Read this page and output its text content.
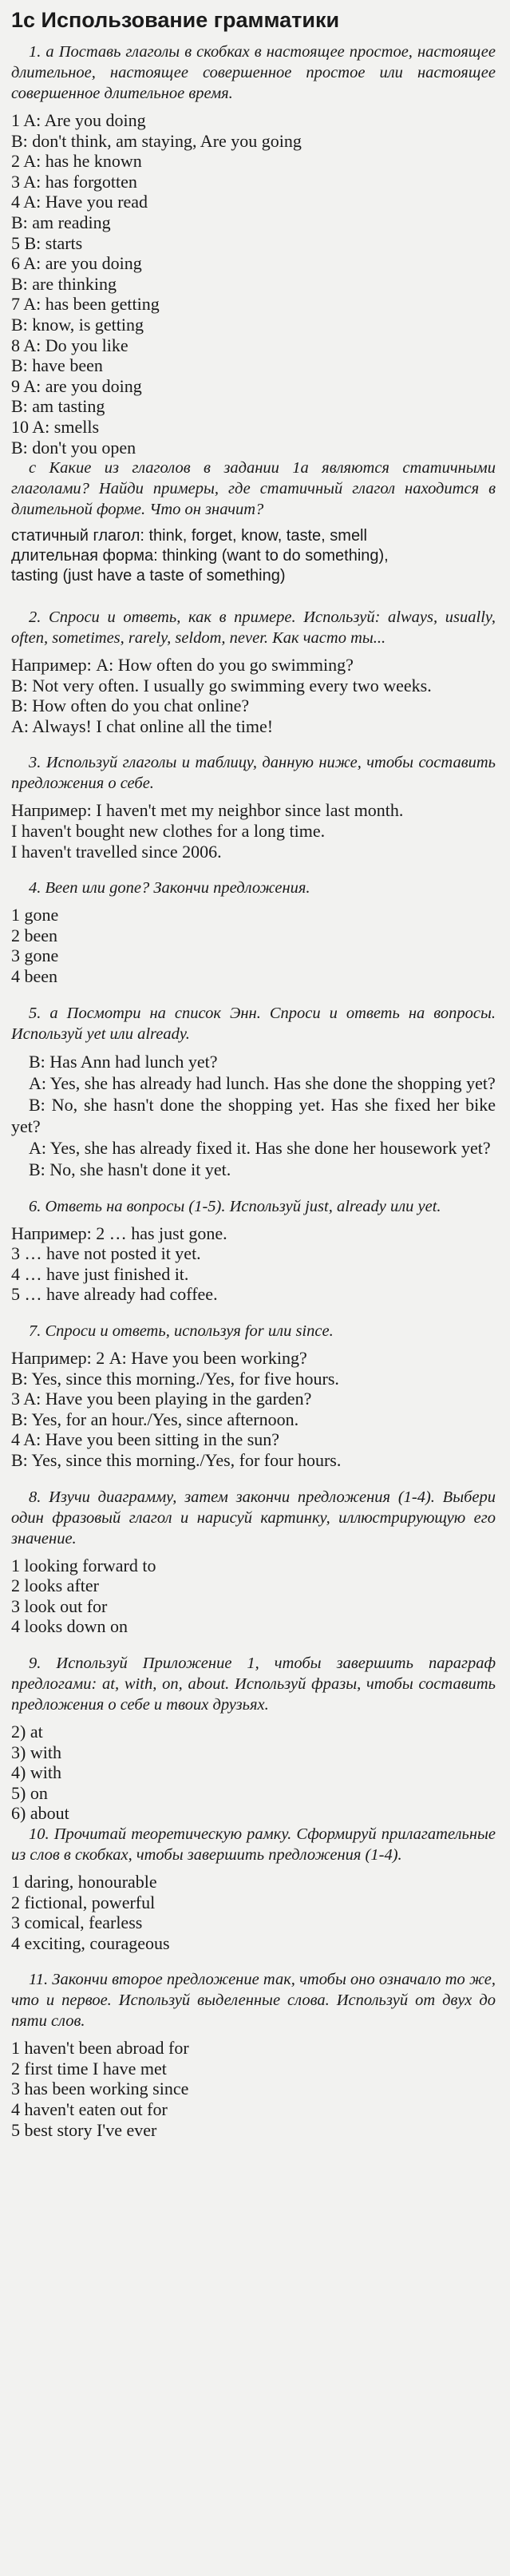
1c Использование грамматики

1. a Поставь глаголы в скобках в настоящее простое, настоящее длительное, настоящее совершенное простое или настоящее совершенное длительное время.

1 A: Are you doing

B: don't think, am staying, Are you going

2 A: has he known

3 A: has forgotten

4 A: Have you read

B: am reading

5 B: starts

6 A: are you doing

B: are thinking

7 A: has been getting

B: know, is getting

8 A: Do you like

B: have been

9 A: are you doing

B: am tasting

10 A: smells

B: don't you open

c Какие из глаголов в задании 1a являются статичными глаголами? Найди примеры, где статичный глагол находится в длительной форме. Что он значит?

статичный глагол: think, forget, know, taste, smell

длительная форма: thinking (want to do something),

tasting (just have a taste of something)

2. Спроси и ответь, как в примере. Используй: always, usually, often, sometimes, rarely, seldom, never. Как часто ты...

Например: A: How often do you go swimming?

B: Not very often. I usually go swimming every two weeks.

B: How often do you chat online?

A: Always! I chat online all the time!

3. Используй глаголы и таблицу, данную ниже, чтобы составить предложения о себе.

Например: I haven't met my neighbor since last month.

I haven't bought new clothes for a long time.

I haven't travelled since 2006.

4. Been или gone? Закончи предложения.

1 gone

2 been

3 gone

4 been

5. а Посмотри на список Энн. Спроси и ответь на вопросы. Используй yet или already.

B: Has Ann had lunch yet?

A: Yes, she has already had lunch. Has she done the shopping yet?

B: No, she hasn't done the shopping yet. Has she fixed her bike yet?

A: Yes, she has already fixed it. Has she done her housework yet?

B: No, she hasn't done it yet.

6. Ответь на вопросы (1-5). Используй just, already или yet.

Например: 2 … has just gone.

3 … have not posted it yet.

4 … have just finished it.

5 … have already had coffee.

7. Спроси и ответь, используя for или since.

Например: 2 A: Have you been working?

B: Yes, since this morning./Yes, for five hours.

3 A: Have you been playing in the garden?

B: Yes, for an hour./Yes, since afternoon.

4 A: Have you been sitting in the sun?

B: Yes, since this morning./Yes, for four hours.

8. Изучи диаграмму, затем закончи предложения (1-4). Выбери один фразовый глагол и нарисуй картинку, иллюстрирующую его значение.

1 looking forward to

2 looks after

3 look out for

4 looks down on

9. Используй Приложение 1, чтобы завершить параграф предлогами: at, with, on, about. Используй фразы, чтобы составить предложения о себе и твоих друзьях.

2) at

3) with

4) with

5) on

6) about

10. Прочитай теоретическую рамку. Сформируй прилагательные из слов в скобках, чтобы завершить предложения (1-4).

1 daring, honourable

2 fictional, powerful

3 comical, fearless

4 exciting, courageous

11. Закончи второе предложение так, чтобы оно означало то же, что и первое. Используй выделенные слова. Используй от двух до пяти слов.

1 haven't been abroad for

2 first time I have met

3 has been working since

4 haven't eaten out for

5 best story I've ever
